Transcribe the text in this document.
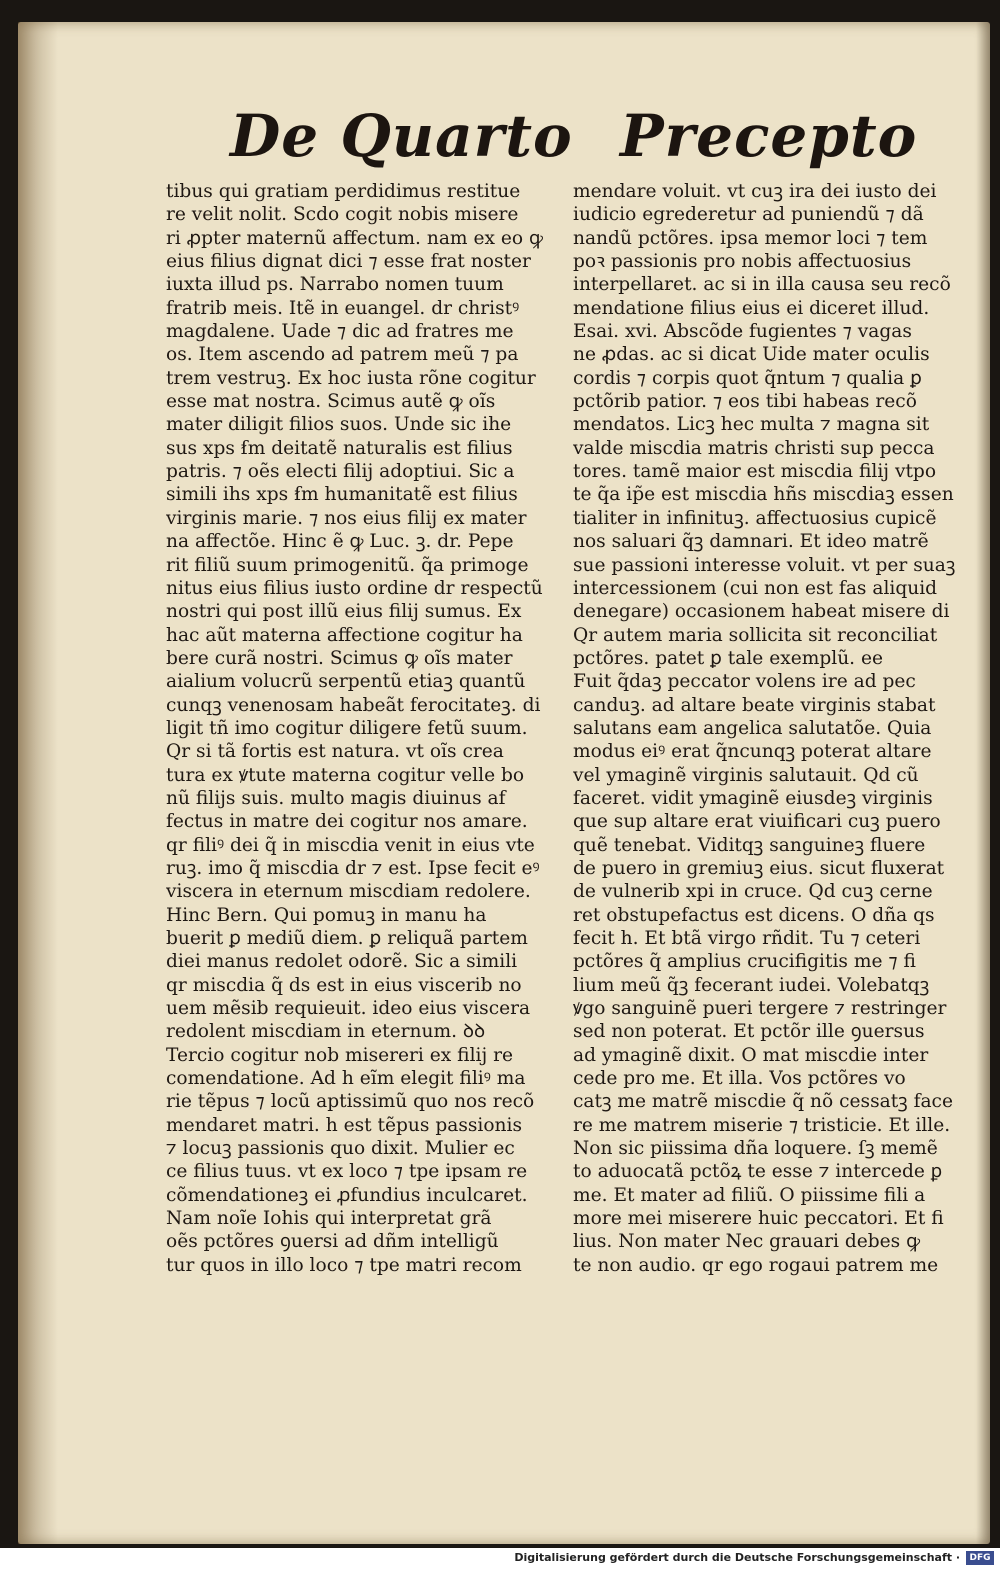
De Quarto Precepto
tibus qui gratiam perdidimus restitue
re velit nolit. Scdo cogit nobis misere
ri ꝓpter maternũ affectum. nam ex eo ꝙ
eius filius dignat dici ⁊ esse frat noster
iuxta illud ps. Narrabo nomen tuum
fratrib meis. Itẽ in euangel. dr christꝰ
magdalene. Uade ⁊ dic ad fratres me
os. Item ascendo ad patrem meũ ⁊ pa
trem vestruꝫ. Ex hoc iusta rõne cogitur
esse mat nostra. Scimus autẽ ꝙ oĩs
mater diligit filios suos. Unde sic ihe
sus xps ẜm deitatẽ naturalis est filius
patris. ⁊ oẽs electi filij adoptiui. Sic a
simili ihs xps ẜm humanitatẽ est filius
virginis marie. ⁊ nos eius filij ex mater
na affectõe. Hinc ẽ ꝙ Luc. ꝫ. dr. Pepe
rit filiũ suum primogenitũ. q̃a primoge
nitus eius filius iusto ordine dr respectũ
nostri qui post illũ eius filij sumus. Ex
hac aũt materna affectione cogitur ha
bere curã nostri. Scimus ꝙ oĩs mater
aialium volucrũ serpentũ etiaꝫ quantũ
cunqꝫ venenosam habeãt ferocitateꝫ. di
ligit tñ imo cogitur diligere fetũ suum.
Qr si tã fortis est natura. vt oĩs crea
tura ex ꝟtute materna cogitur velle bo
nũ filijs suis. multo magis diuinus af
fectus in matre dei cogitur nos amare.
qr filiꝰ dei q̃ in miscdia venit in eius vte
ruꝫ. imo q̃ miscdia dr ⁊ est. Ipse fecit eꝰ
viscera in eternum miscdiam redolere.
Hinc Bern. Qui pomuꝫ in manu ha
buerit ꝑ mediũ diem. ꝑ reliquã partem
diei manus redolet odorẽ. Sic a simili
qr miscdia q̃ ds est in eius viscerib no
uem mẽsib requieuit. ideo eius viscera
redolent miscdiam in eternum. ꝺꝺ
Tercio cogitur nob misereri ex filij re
comendatione. Ad h eĩm elegit filiꝰ ma
rie tẽpus ⁊ locũ aptissimũ quo nos recõ
mendaret matri. h est tẽpus passionis
⁊ locuꝫ passionis quo dixit. Mulier ec
ce filius tuus. vt ex loco ⁊ tpe ipsam re
cõmendationeꝫ ei ꝓfundius inculcaret.
Nam noĩe Iohis qui interpretat grã
oẽs pctõres ꝯuersi ad dñm intelligũ
tur quos in illo loco ⁊ tpe matri recom
mendare voluit. vt cuꝫ ira dei iusto dei
iudicio egrederetur ad puniendũ ⁊ dã
nandũ pctõres. ipsa memor loci ⁊ tem
poꝛ passionis pro nobis affectuosius
interpellaret. ac si in illa causa seu recõ
mendatione filius eius ei diceret illud.
Esai. xvi. Abscõde fugientes ⁊ vagas
ne ꝓdas. ac si dicat Uide mater oculis
cordis ⁊ corpis quot q̃ntum ⁊ qualia ꝑ
pctõrib patior. ⁊ eos tibi habeas recõ
mendatos. Licꝫ hec multa ⁊ magna sit
valde miscdia matris christi sup pecca
tores. tamẽ maior est miscdia filij vtpo
te q̃a ip̃e est miscdia hñs miscdiaꝫ essen
tialiter in infinituꝫ. affectuosius cupicẽ
nos saluari q̃ꝫ damnari. Et ideo matrẽ
sue passioni interesse voluit. vt per suaꝫ
intercessionem (cui non est fas aliquid
denegare) occasionem habeat misere di
Qr autem maria sollicita sit reconciliat
pctõres. patet ꝑ tale exemplũ. ee
Fuit q̃daꝫ peccator volens ire ad pec
canduꝫ. ad altare beate virginis stabat
salutans eam angelica salutatõe. Quia
modus eiꝰ erat q̃ncunqꝫ poterat altare
vel ymaginẽ virginis salutauit. Qd cũ
faceret. vidit ymaginẽ eiusdeꝫ virginis
que sup altare erat viuificari cuꝫ puero
quẽ tenebat. Viditqꝫ sanguineꝫ fluere
de puero in gremiuꝫ eius. sicut fluxerat
de vulnerib xpi in cruce. Qd cuꝫ cerne
ret obstupefactus est dicens. O dña qs
fecit h. Et btã virgo rñdit. Tu ⁊ ceteri
pctõres q̃ amplius crucifigitis me ⁊ fi
lium meũ q̃ꝫ fecerant iudei. Volebatqꝫ
ꝟgo sanguinẽ pueri tergere ⁊ restringer
sed non poterat. Et pctõr ille ꝯuersus
ad ymaginẽ dixit. O mat miscdie inter
cede pro me. Et illa. Vos pctõres vo
catꝫ me matrẽ miscdie q̃ nõ cessatꝫ face
re me matrem miserie ⁊ tristicie. Et ille.
Non sic piissima dña loquere. ſꝫ memẽ
to aduocatã pctõꝝ te esse ⁊ intercede ꝑ
me. Et mater ad filiũ. O piissime fili a
more mei miserere huic peccatori. Et fi
lius. Non mater Nec grauari debes ꝙ
te non audio. qr ego rogaui patrem me
Digitalisierung gefördert durch die Deutsche Forschungsgemeinschaft ·	DFG
